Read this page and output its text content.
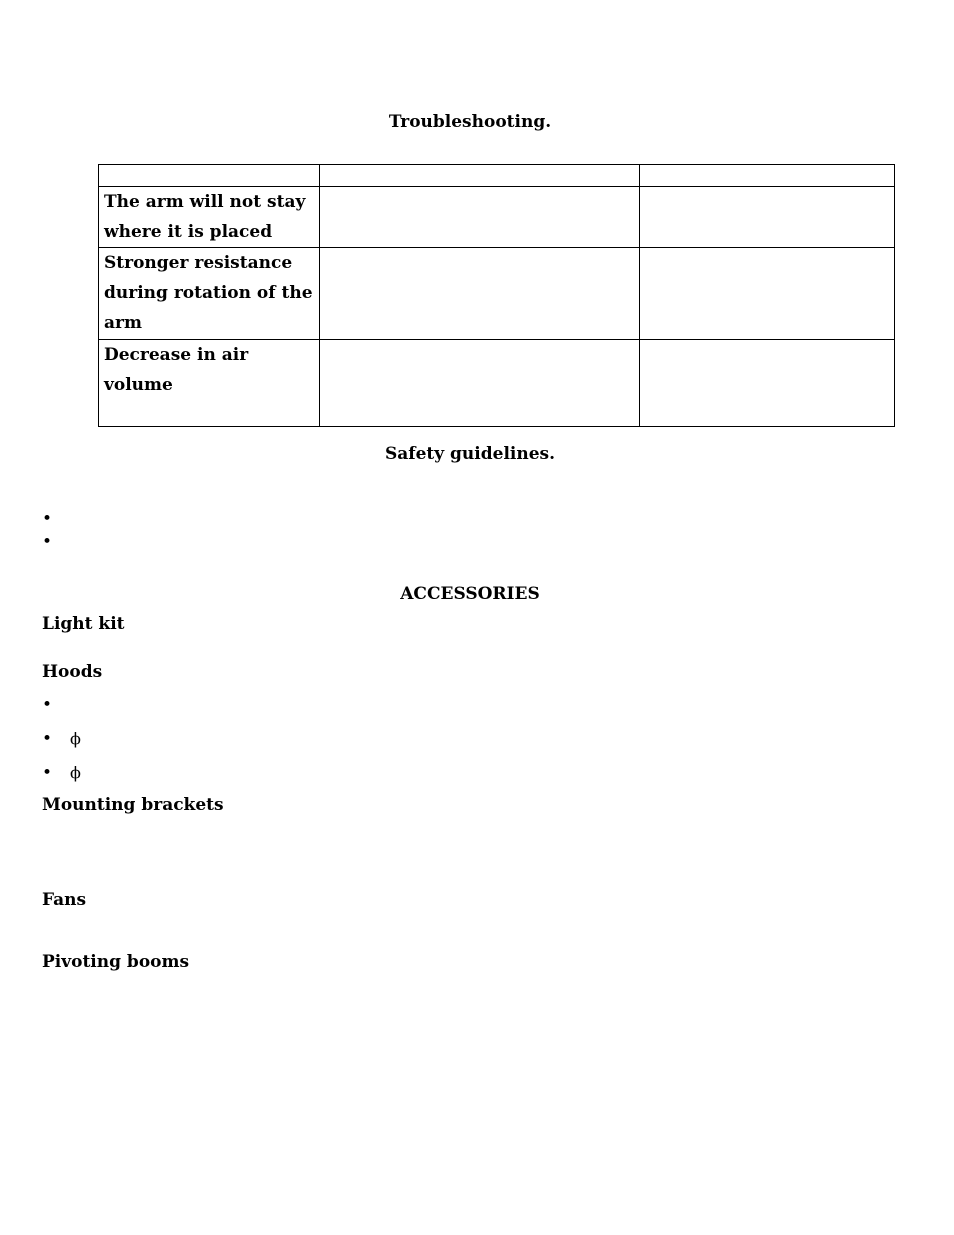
Troubleshooting.

The arm will not stay where it is placed		
Stronger resistance during rotation of the arm		
Decrease in air volume		
Safety guidelines.
•
•
ACCESSORIES
Light kit
Hoods
•
• ϕ
• ϕ
Mounting brackets
Fans
Pivoting booms
